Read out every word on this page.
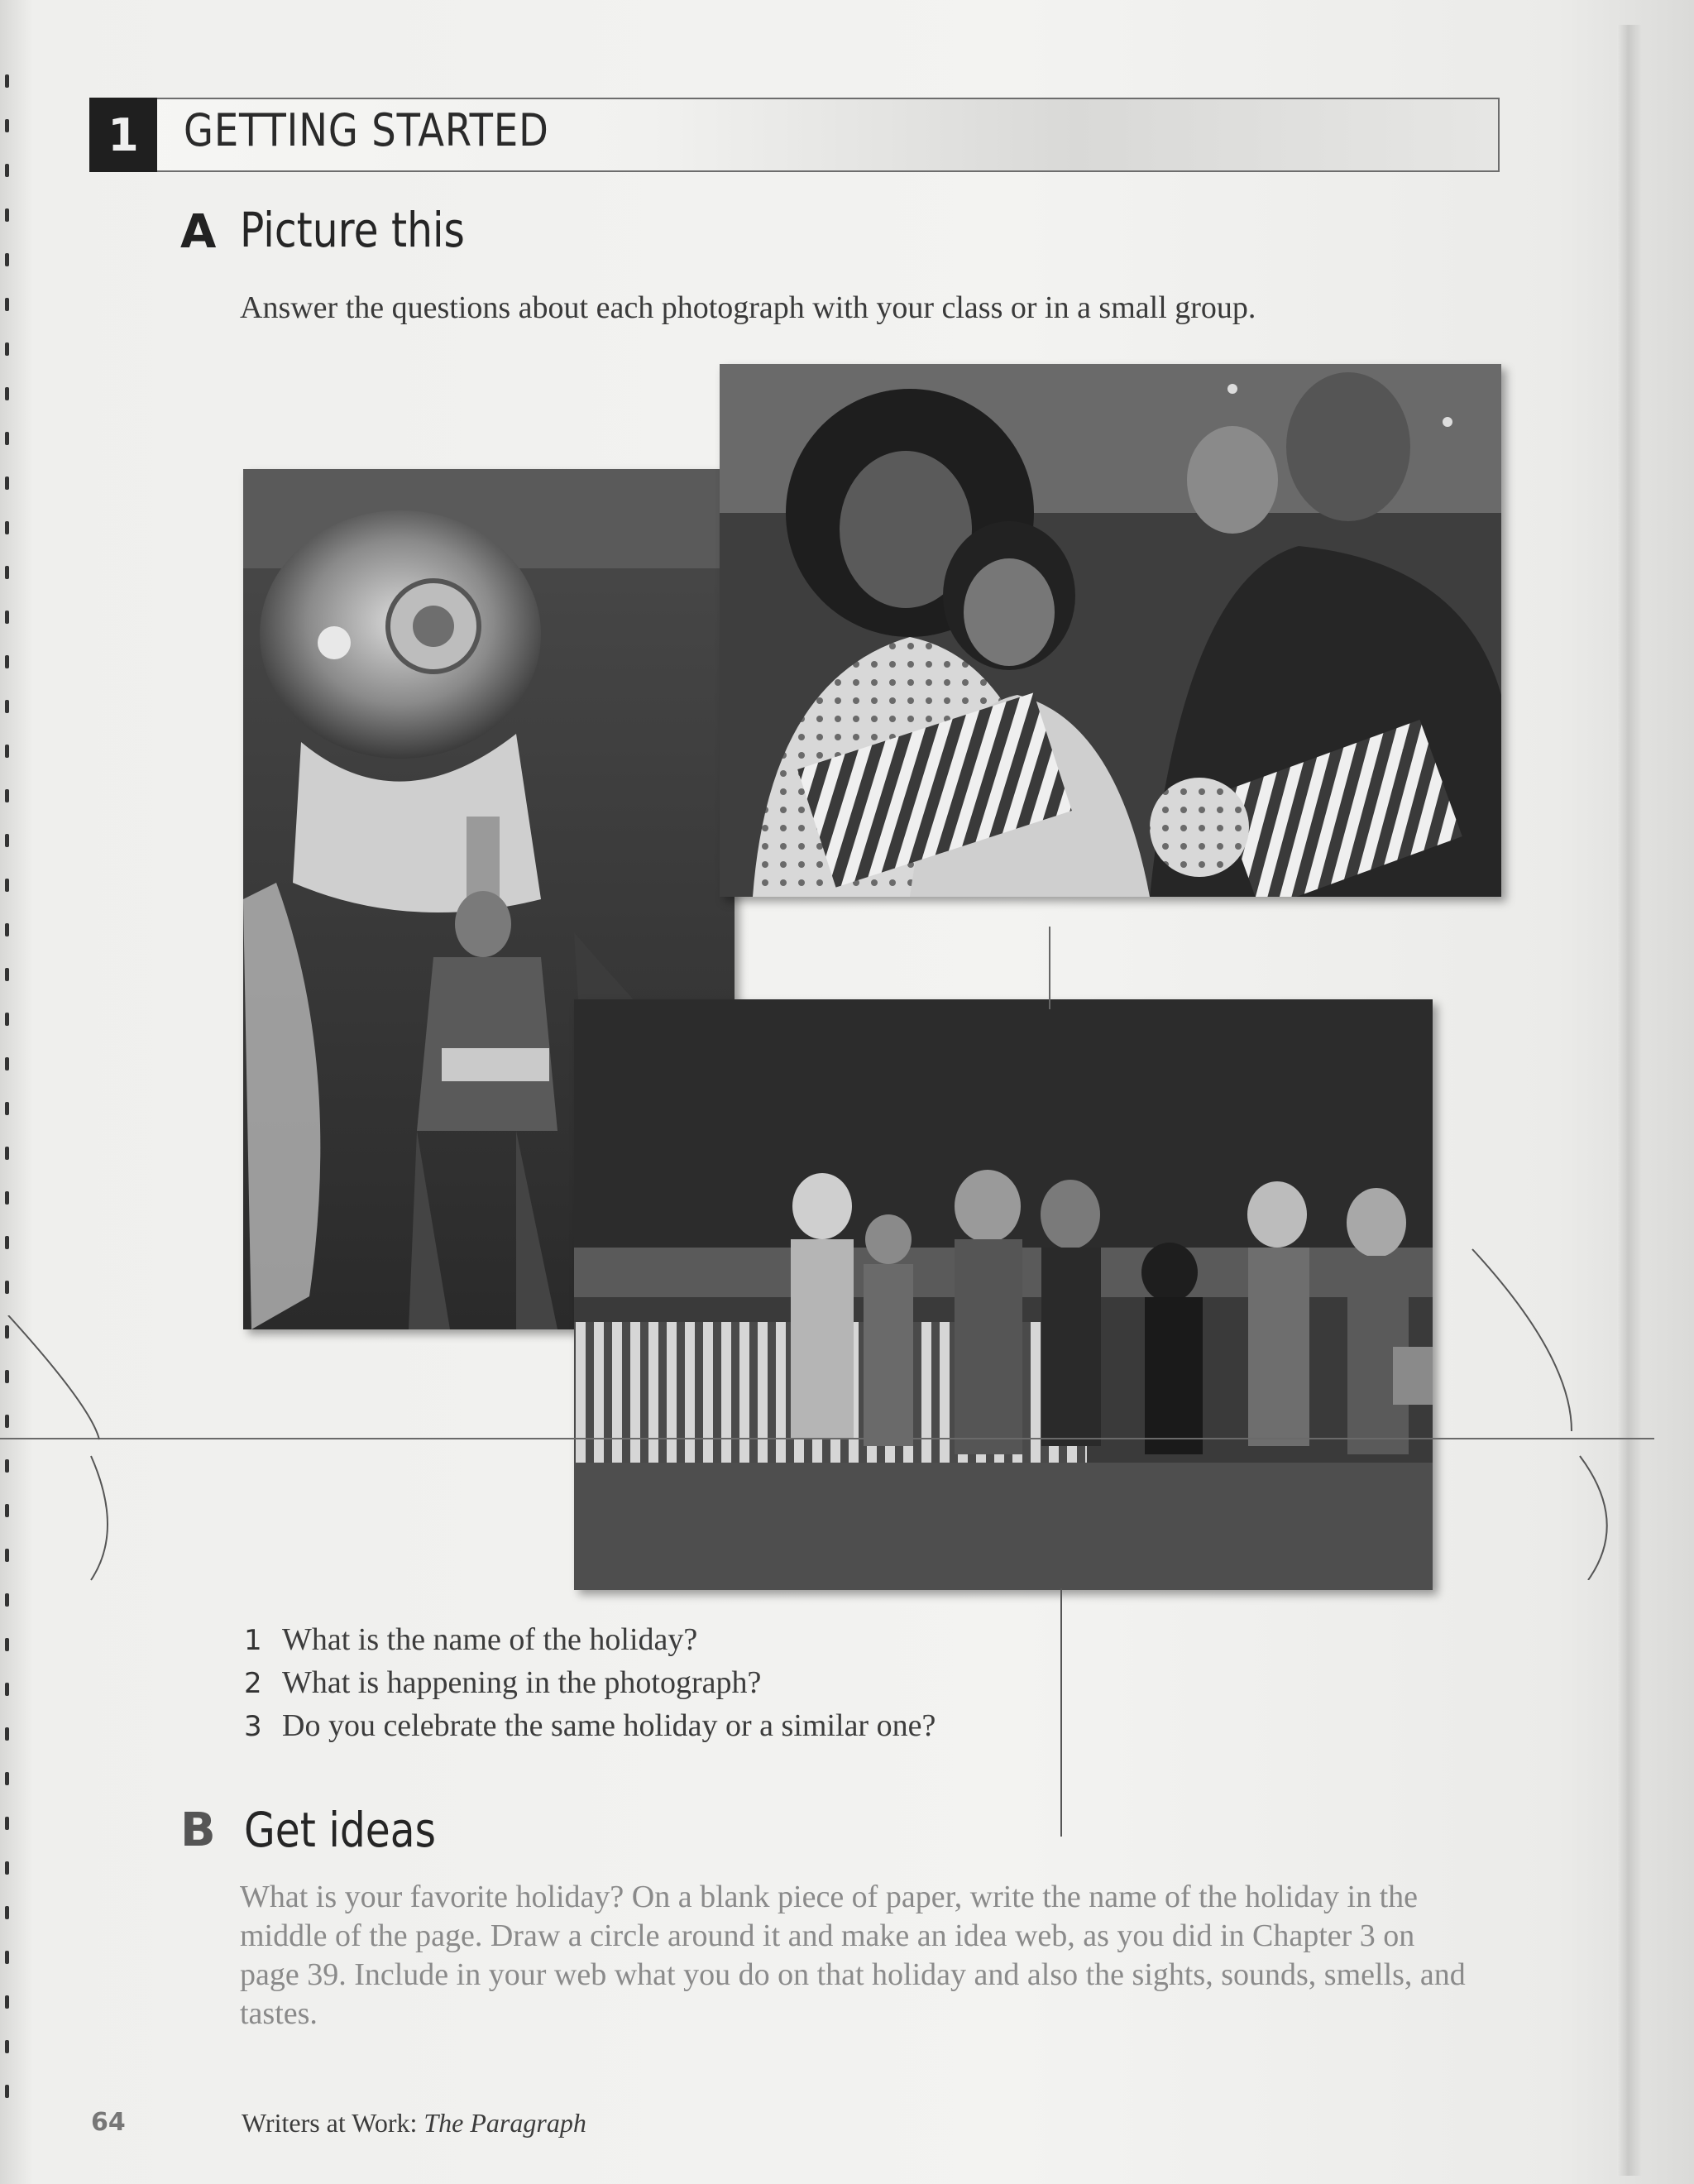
1	GETTING STARTED
A Picture this
Answer the questions about each photograph with your class or in a small group.
1 What is the name of the holiday?
2 What is happening in the photograph?
3 Do you celebrate the same holiday or a similar one?
B Get ideas
What is your favorite holiday? On a blank piece of paper, write the name of the holiday in the middle of the page. Draw a circle around it and make an idea web, as you did in Chapter 3 on page 39. Include in your web what you do on that holiday and also the sights, sounds, smells, and tastes.
64	Writers at Work: The Paragraph
